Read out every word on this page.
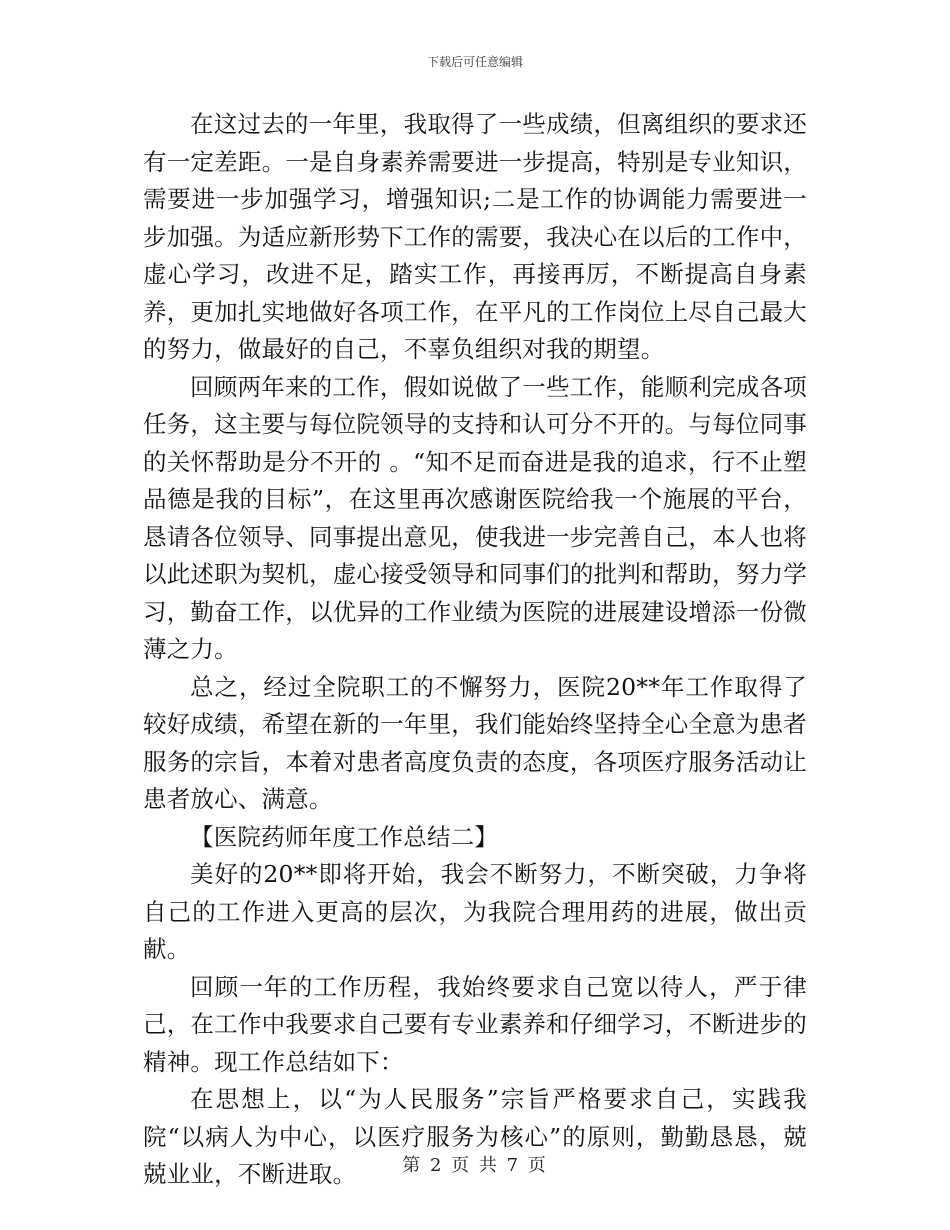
下载后可任意编辑

在这过去的一年里，我取得了一些成绩，但离组织的要求还有一定差距。一是自身素养需要进一步提高，特别是专业知识，需要进一步加强学习，增强知识;二是工作的协调能力需要进一步加强。为适应新形势下工作的需要，我决心在以后的工作中，虚心学习，改进不足，踏实工作，再接再厉，不断提高自身素养，更加扎实地做好各项工作，在平凡的工作岗位上尽自己最大的努力，做最好的自己，不辜负组织对我的期望。

回顾两年来的工作，假如说做了一些工作，能顺利完成各项任务，这主要与每位院领导的支持和认可分不开的。与每位同事的关怀帮助是分不开的 。“知不足而奋进是我的追求，行不止塑品德是我的目标”，在这里再次感谢医院给我一个施展的平台，恳请各位领导、同事提出意见，使我进一步完善自己，本人也将以此述职为契机，虚心接受领导和同事们的批判和帮助，努力学习，勤奋工作，以优异的工作业绩为医院的进展建设增添一份微薄之力。

总之，经过全院职工的不懈努力，医院20**年工作取得了较好成绩，希望在新的一年里，我们能始终坚持全心全意为患者服务的宗旨，本着对患者高度负责的态度，各项医疗服务活动让患者放心、满意。

【医院药师年度工作总结二】

美好的20**即将开始，我会不断努力，不断突破，力争将自己的工作进入更高的层次，为我院合理用药的进展，做出贡献。

回顾一年的工作历程，我始终要求自己宽以待人，严于律己，在工作中我要求自己要有专业素养和仔细学习，不断进步的精神。现工作总结如下：

在思想上，以“为人民服务”宗旨严格要求自己，实践我院“以病人为中心，以医疗服务为核心”的原则，勤勤恳恳，兢兢业业，不断进取。	第 2 页 共 7 页
